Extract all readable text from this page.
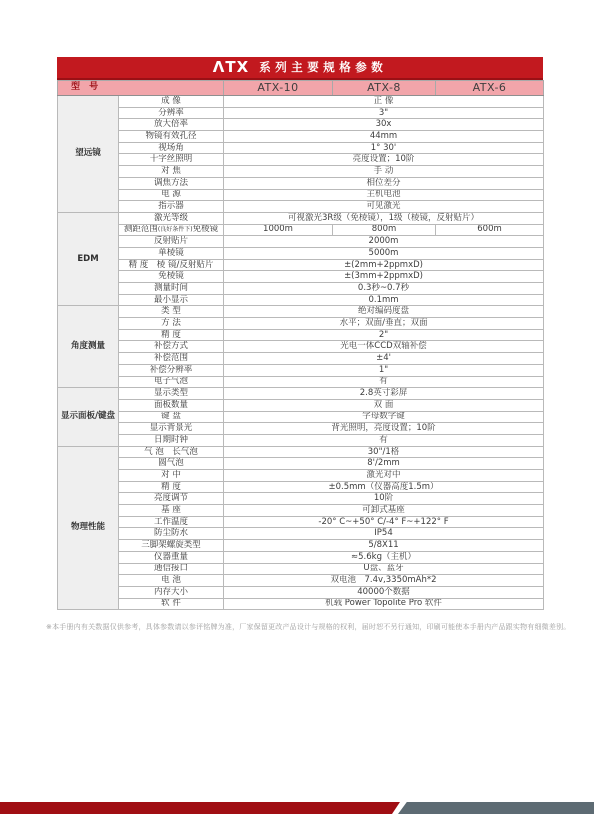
ΛTX 系列主要规格参数
型 号		ATX-10	ATX-8	ATX-6
望远镜	成 像	正 像		
	分辨率	3"		
	放大倍率	30x		
	物镜有效孔径	44mm		
	视场角	1° 30'		
	十字丝照明	亮度设置；10阶		
	对 焦	手 动		
	调焦方法	相位差分		
	电 源	主机电池		
	指示器	可见激光		
EDM	激光等级	可视激光3R级（免棱镜），1级（棱镜，反射贴片）		
	测距范围(良好条件下)免棱镜	1000m	800m	600m
	反射贴片	2000m		
	单棱镜	5000m		
	精 度　棱 镜/反射贴片	±(2mm+2ppmxD)		
	免棱镜	±(3mm+2ppmxD)		
	测量时间	0.3秒~0.7秒		
	最小显示	0.1mm		
角度测量	类 型	绝对编码度盘		
	方 法	水平；双面/垂直；双面		
	精 度	2"		
	补偿方式	光电一体CCD双轴补偿		
	补偿范围	±4'		
	补偿分辨率	1"		
	电子气泡	有		
显示面板/键盘	显示类型	2.8英寸彩屏		
	面板数量	双 面		
	键 盘	字母数字键		
	显示背景光	背光照明，亮度设置；10阶		
	日期时钟	有		
物理性能	气 泡　长气泡	30"/1格		
	圆气泡	8'/2mm		
	对 中	激光对中		
	精 度	±0.5mm（仪器高度1.5m）		
	亮度调节	10阶		
	基 座	可卸式基座		
	工作温度	-20° C~+50° C/-4° F~+122° F		
	防尘防水	IP54		
	三脚架螺旋类型	5/8X11		
	仪器重量	≈5.6kg（主机）		
	通信接口	U盘、蓝牙		
	电 池	双电池　7.4v,3350mAh*2		
	内存大小	40000个数据		
	软 件	机载 Power Topolite Pro 软件		
※本手册内有关数据仅供参考，具体参数请以参评铭牌为准，厂家保留更改产品设计与规格的权利，届时恕不另行通知，印刷可能使本手册内产品跟实物有细微差别。
